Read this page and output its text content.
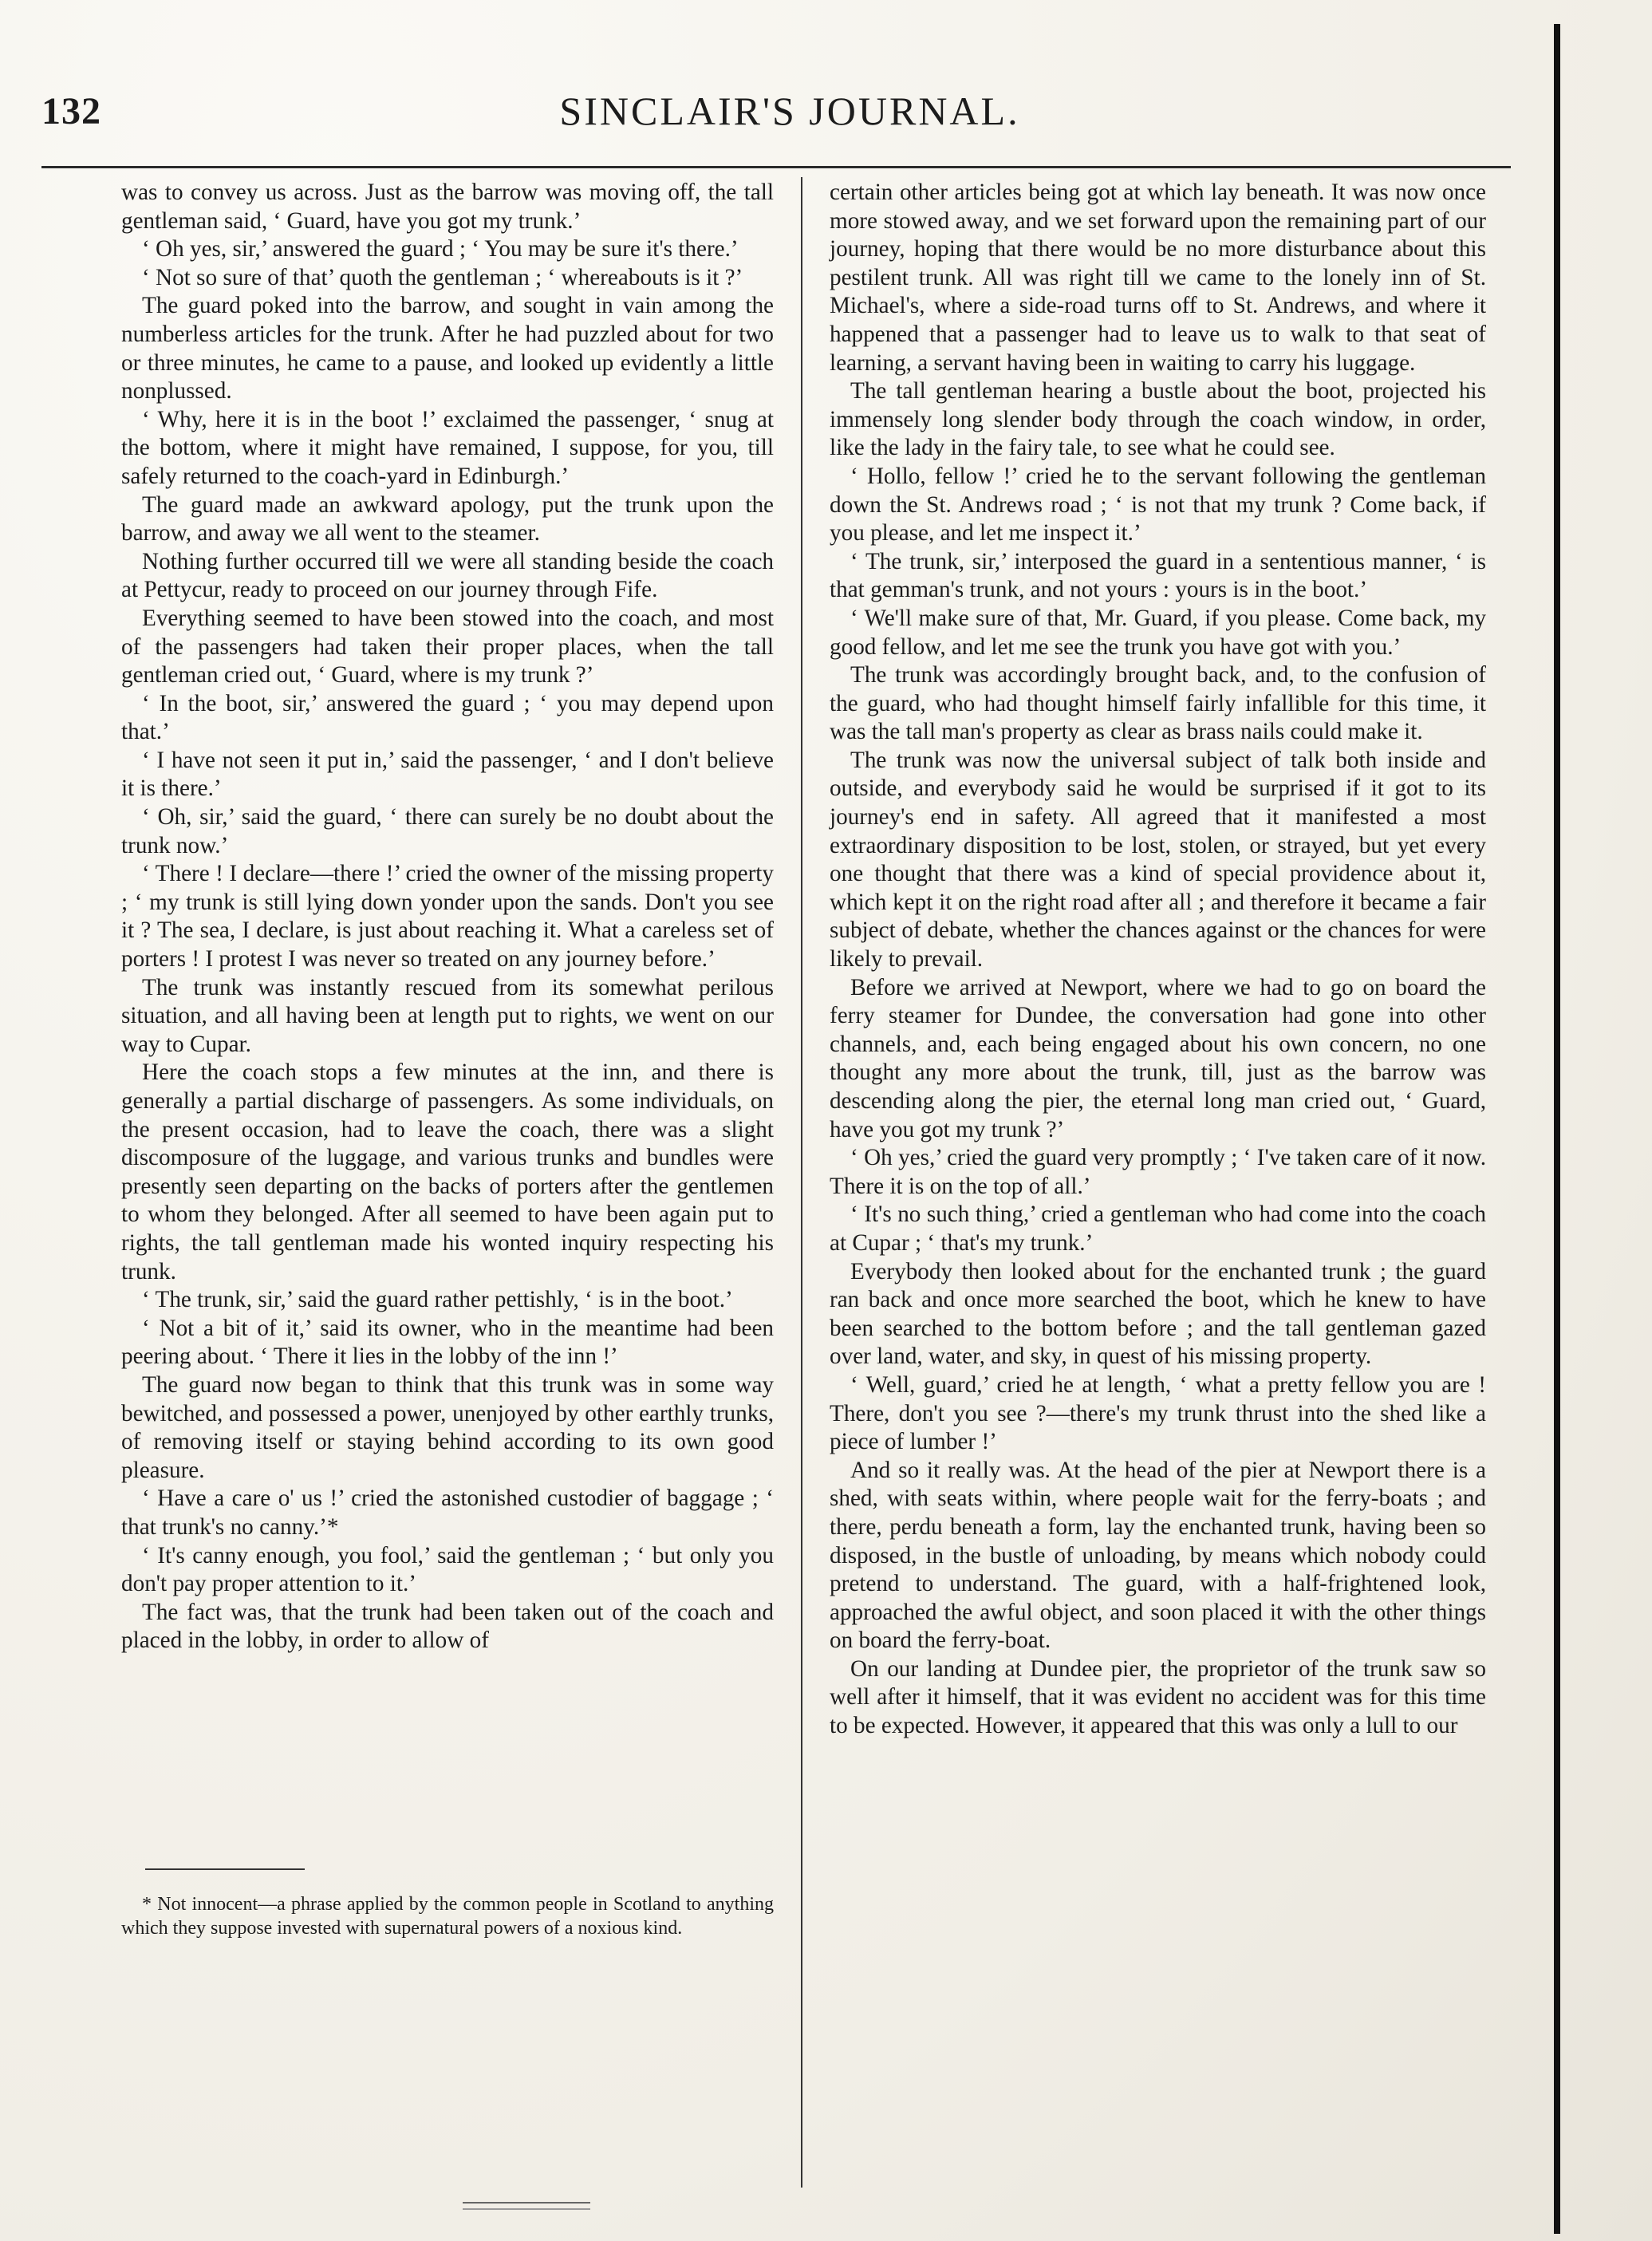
132	SINCLAIR'S JOURNAL.

was to convey us across. Just as the barrow was moving off, the tall gentleman said, ‘ Guard, have you got my trunk.’

‘ Oh yes, sir,’ answered the guard ; ‘ You may be sure it's there.’

‘ Not so sure of that’ quoth the gentleman ; ‘ whereabouts is it ?’

The guard poked into the barrow, and sought in vain among the numberless articles for the trunk. After he had puzzled about for two or three minutes, he came to a pause, and looked up evidently a little nonplussed.

‘ Why, here it is in the boot !’ exclaimed the passenger, ‘ snug at the bottom, where it might have remained, I suppose, for you, till safely returned to the coach-yard in Edinburgh.’

The guard made an awkward apology, put the trunk upon the barrow, and away we all went to the steamer.

Nothing further occurred till we were all standing beside the coach at Pettycur, ready to proceed on our journey through Fife.

Everything seemed to have been stowed into the coach, and most of the passengers had taken their proper places, when the tall gentleman cried out, ‘ Guard, where is my trunk ?’

‘ In the boot, sir,’ answered the guard ; ‘ you may depend upon that.’

‘ I have not seen it put in,’ said the passenger, ‘ and I don't believe it is there.’

‘ Oh, sir,’ said the guard, ‘ there can surely be no doubt about the trunk now.’

‘ There ! I declare—there !’ cried the owner of the missing property ; ‘ my trunk is still lying down yonder upon the sands. Don't you see it ? The sea, I declare, is just about reaching it. What a careless set of porters ! I protest I was never so treated on any journey before.’

The trunk was instantly rescued from its somewhat perilous situation, and all having been at length put to rights, we went on our way to Cupar.

Here the coach stops a few minutes at the inn, and there is generally a partial discharge of passengers. As some individuals, on the present occasion, had to leave the coach, there was a slight discomposure of the luggage, and various trunks and bundles were presently seen departing on the backs of porters after the gentlemen to whom they belonged. After all seemed to have been again put to rights, the tall gentleman made his wonted inquiry respecting his trunk.

‘ The trunk, sir,’ said the guard rather pettishly, ‘ is in the boot.’

‘ Not a bit of it,’ said its owner, who in the meantime had been peering about. ‘ There it lies in the lobby of the inn !’

The guard now began to think that this trunk was in some way bewitched, and possessed a power, unenjoyed by other earthly trunks, of removing itself or staying behind according to its own good pleasure.

‘ Have a care o' us !’ cried the astonished custodier of baggage ; ‘ that trunk's no canny.’*

‘ It's canny enough, you fool,’ said the gentleman ; ‘ but only you don't pay proper attention to it.’

The fact was, that the trunk had been taken out of the coach and placed in the lobby, in order to allow of

* Not innocent—a phrase applied by the common people in Scotland to anything which they suppose invested with supernatural powers of a noxious kind.

certain other articles being got at which lay beneath. It was now once more stowed away, and we set forward upon the remaining part of our journey, hoping that there would be no more disturbance about this pestilent trunk. All was right till we came to the lonely inn of St. Michael's, where a side-road turns off to St. Andrews, and where it happened that a passenger had to leave us to walk to that seat of learning, a servant having been in waiting to carry his luggage.

The tall gentleman hearing a bustle about the boot, projected his immensely long slender body through the coach window, in order, like the lady in the fairy tale, to see what he could see.

‘ Hollo, fellow !’ cried he to the servant following the gentleman down the St. Andrews road ; ‘ is not that my trunk ? Come back, if you please, and let me inspect it.’

‘ The trunk, sir,’ interposed the guard in a sententious manner, ‘ is that gemman's trunk, and not yours : yours is in the boot.’

‘ We'll make sure of that, Mr. Guard, if you please. Come back, my good fellow, and let me see the trunk you have got with you.’

The trunk was accordingly brought back, and, to the confusion of the guard, who had thought himself fairly infallible for this time, it was the tall man's property as clear as brass nails could make it.

The trunk was now the universal subject of talk both inside and outside, and everybody said he would be surprised if it got to its journey's end in safety. All agreed that it manifested a most extraordinary disposition to be lost, stolen, or strayed, but yet every one thought that there was a kind of special providence about it, which kept it on the right road after all ; and therefore it became a fair subject of debate, whether the chances against or the chances for were likely to prevail.

Before we arrived at Newport, where we had to go on board the ferry steamer for Dundee, the conversation had gone into other channels, and, each being engaged about his own concern, no one thought any more about the trunk, till, just as the barrow was descending along the pier, the eternal long man cried out, ‘ Guard, have you got my trunk ?’

‘ Oh yes,’ cried the guard very promptly ; ‘ I've taken care of it now. There it is on the top of all.’

‘ It's no such thing,’ cried a gentleman who had come into the coach at Cupar ; ‘ that's my trunk.’

Everybody then looked about for the enchanted trunk ; the guard ran back and once more searched the boot, which he knew to have been searched to the bottom before ; and the tall gentleman gazed over land, water, and sky, in quest of his missing property.

‘ Well, guard,’ cried he at length, ‘ what a pretty fellow you are ! There, don't you see ?—there's my trunk thrust into the shed like a piece of lumber !’

And so it really was. At the head of the pier at Newport there is a shed, with seats within, where people wait for the ferry-boats ; and there, perdu beneath a form, lay the enchanted trunk, having been so disposed, in the bustle of unloading, by means which nobody could pretend to understand. The guard, with a half-frightened look, approached the awful object, and soon placed it with the other things on board the ferry-boat.

On our landing at Dundee pier, the proprietor of the trunk saw so well after it himself, that it was evident no accident was for this time to be expected. However, it appeared that this was only a lull to our
